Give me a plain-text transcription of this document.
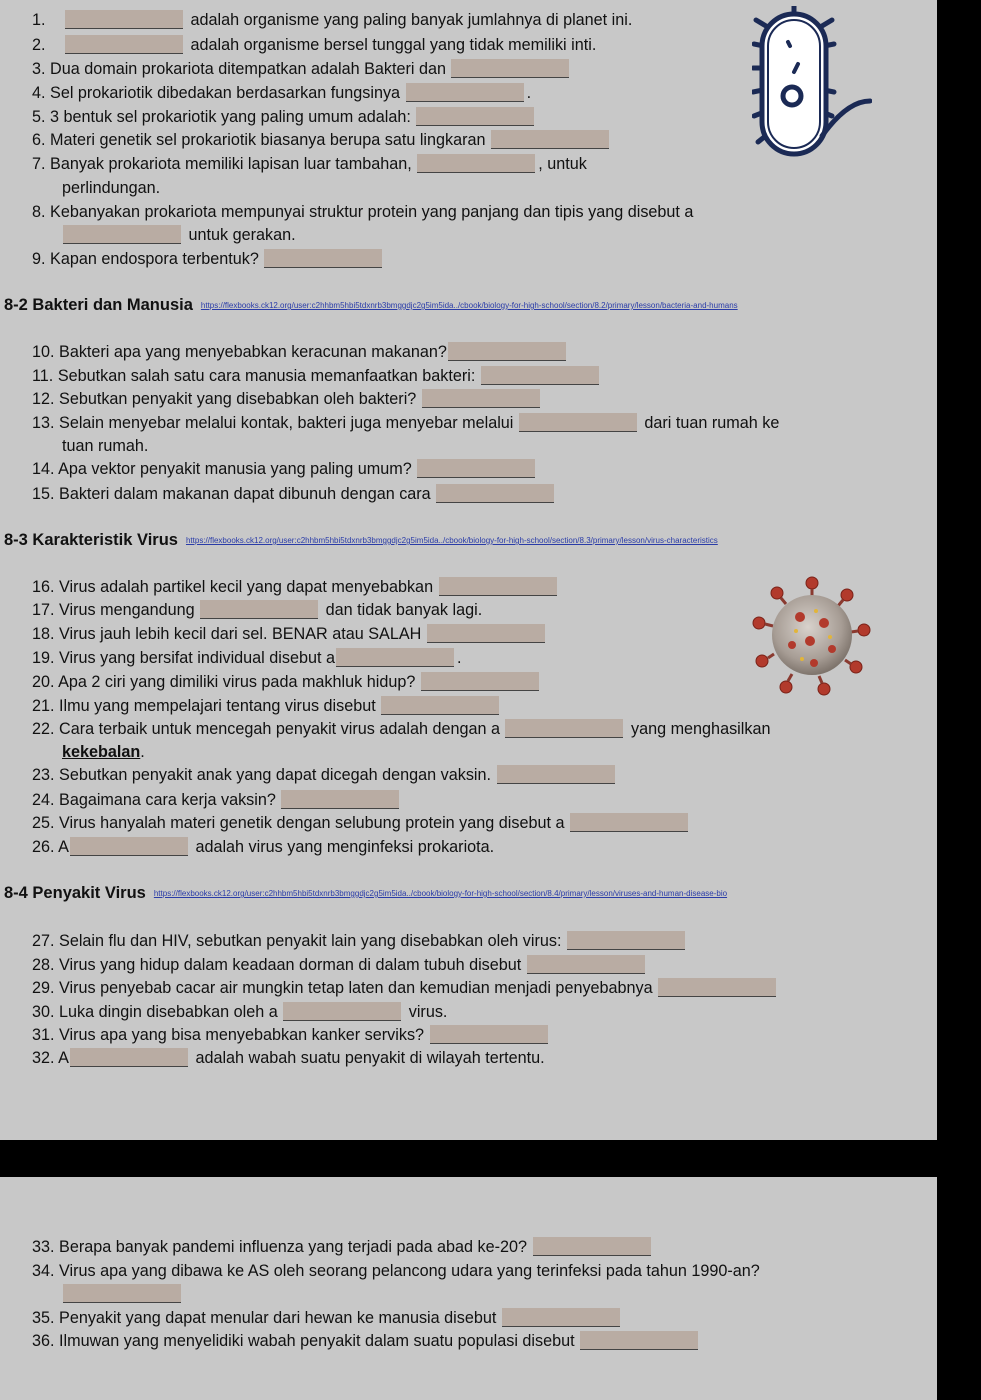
1.	adalah organisme yang paling banyak jumlahnya di planet ini.
2.	adalah organisme bersel tunggal yang tidak memiliki inti.
3. Dua domain prokariota ditempatkan adalah Bakteri dan
4. Sel prokariotik dibedakan berdasarkan fungsinya	.
5. 3 bentuk sel prokariotik yang paling umum adalah:
6. Materi genetik sel prokariotik biasanya berupa satu lingkaran
7. Banyak prokariota memiliki lapisan luar tambahan,	, untuk
perlindungan.
8. Kebanyakan prokariota mempunyai struktur protein yang panjang dan tipis yang disebut a
untuk gerakan.
9. Kapan endospora terbentuk?
8-2 Bakteri dan Manusia https://flexbooks.ck12.org/user:c2hhbm5hbi5tdxnrb3bmggdjc2g5im5ida../cbook/biology-for-high-school/section/8.2/primary/lesson/bacteria-and-humans
10. Bakteri apa yang menyebabkan keracunan makanan?
11. Sebutkan salah satu cara manusia memanfaatkan bakteri:
12. Sebutkan penyakit yang disebabkan oleh bakteri?
13. Selain menyebar melalui kontak, bakteri juga menyebar melalui	dari tuan rumah ke
tuan rumah.
14. Apa vektor penyakit manusia yang paling umum?
15. Bakteri dalam makanan dapat dibunuh dengan cara
8-3 Karakteristik Virus https://flexbooks.ck12.org/user:c2hhbm5hbi5tdxnrb3bmggdjc2g5im5ida../cbook/biology-for-high-school/section/8.3/primary/lesson/virus-characteristics
16. Virus adalah partikel kecil yang dapat menyebabkan
17. Virus mengandung	dan tidak banyak lagi.
18. Virus jauh lebih kecil dari sel. BENAR atau SALAH
19. Virus yang bersifat individual disebut a	.
20. Apa 2 ciri yang dimiliki virus pada makhluk hidup?
21. Ilmu yang mempelajari tentang virus disebut
22. Cara terbaik untuk mencegah penyakit virus adalah dengan a	yang menghasilkan
kekebalan.
23. Sebutkan penyakit anak yang dapat dicegah dengan vaksin.
24. Bagaimana cara kerja vaksin?
25. Virus hanyalah materi genetik dengan selubung protein yang disebut a
26. A	adalah virus yang menginfeksi prokariota.
8-4 Penyakit Virus https://flexbooks.ck12.org/user:c2hhbm5hbi5tdxnrb3bmggdjc2g5im5ida../cbook/biology-for-high-school/section/8.4/primary/lesson/viruses-and-human-disease-bio
27. Selain flu dan HIV, sebutkan penyakit lain yang disebabkan oleh virus:
28. Virus yang hidup dalam keadaan dorman di dalam tubuh disebut
29. Virus penyebab cacar air mungkin tetap laten dan kemudian menjadi penyebabnya
30. Luka dingin disebabkan oleh a	virus.
31. Virus apa yang bisa menyebabkan kanker serviks?
32. A	adalah wabah suatu penyakit di wilayah tertentu.
33. Berapa banyak pandemi influenza yang terjadi pada abad ke-20?
34. Virus apa yang dibawa ke AS oleh seorang pelancong udara yang terinfeksi pada tahun 1990-an?
35. Penyakit yang dapat menular dari hewan ke manusia disebut
36. Ilmuwan yang menyelidiki wabah penyakit dalam suatu populasi disebut
